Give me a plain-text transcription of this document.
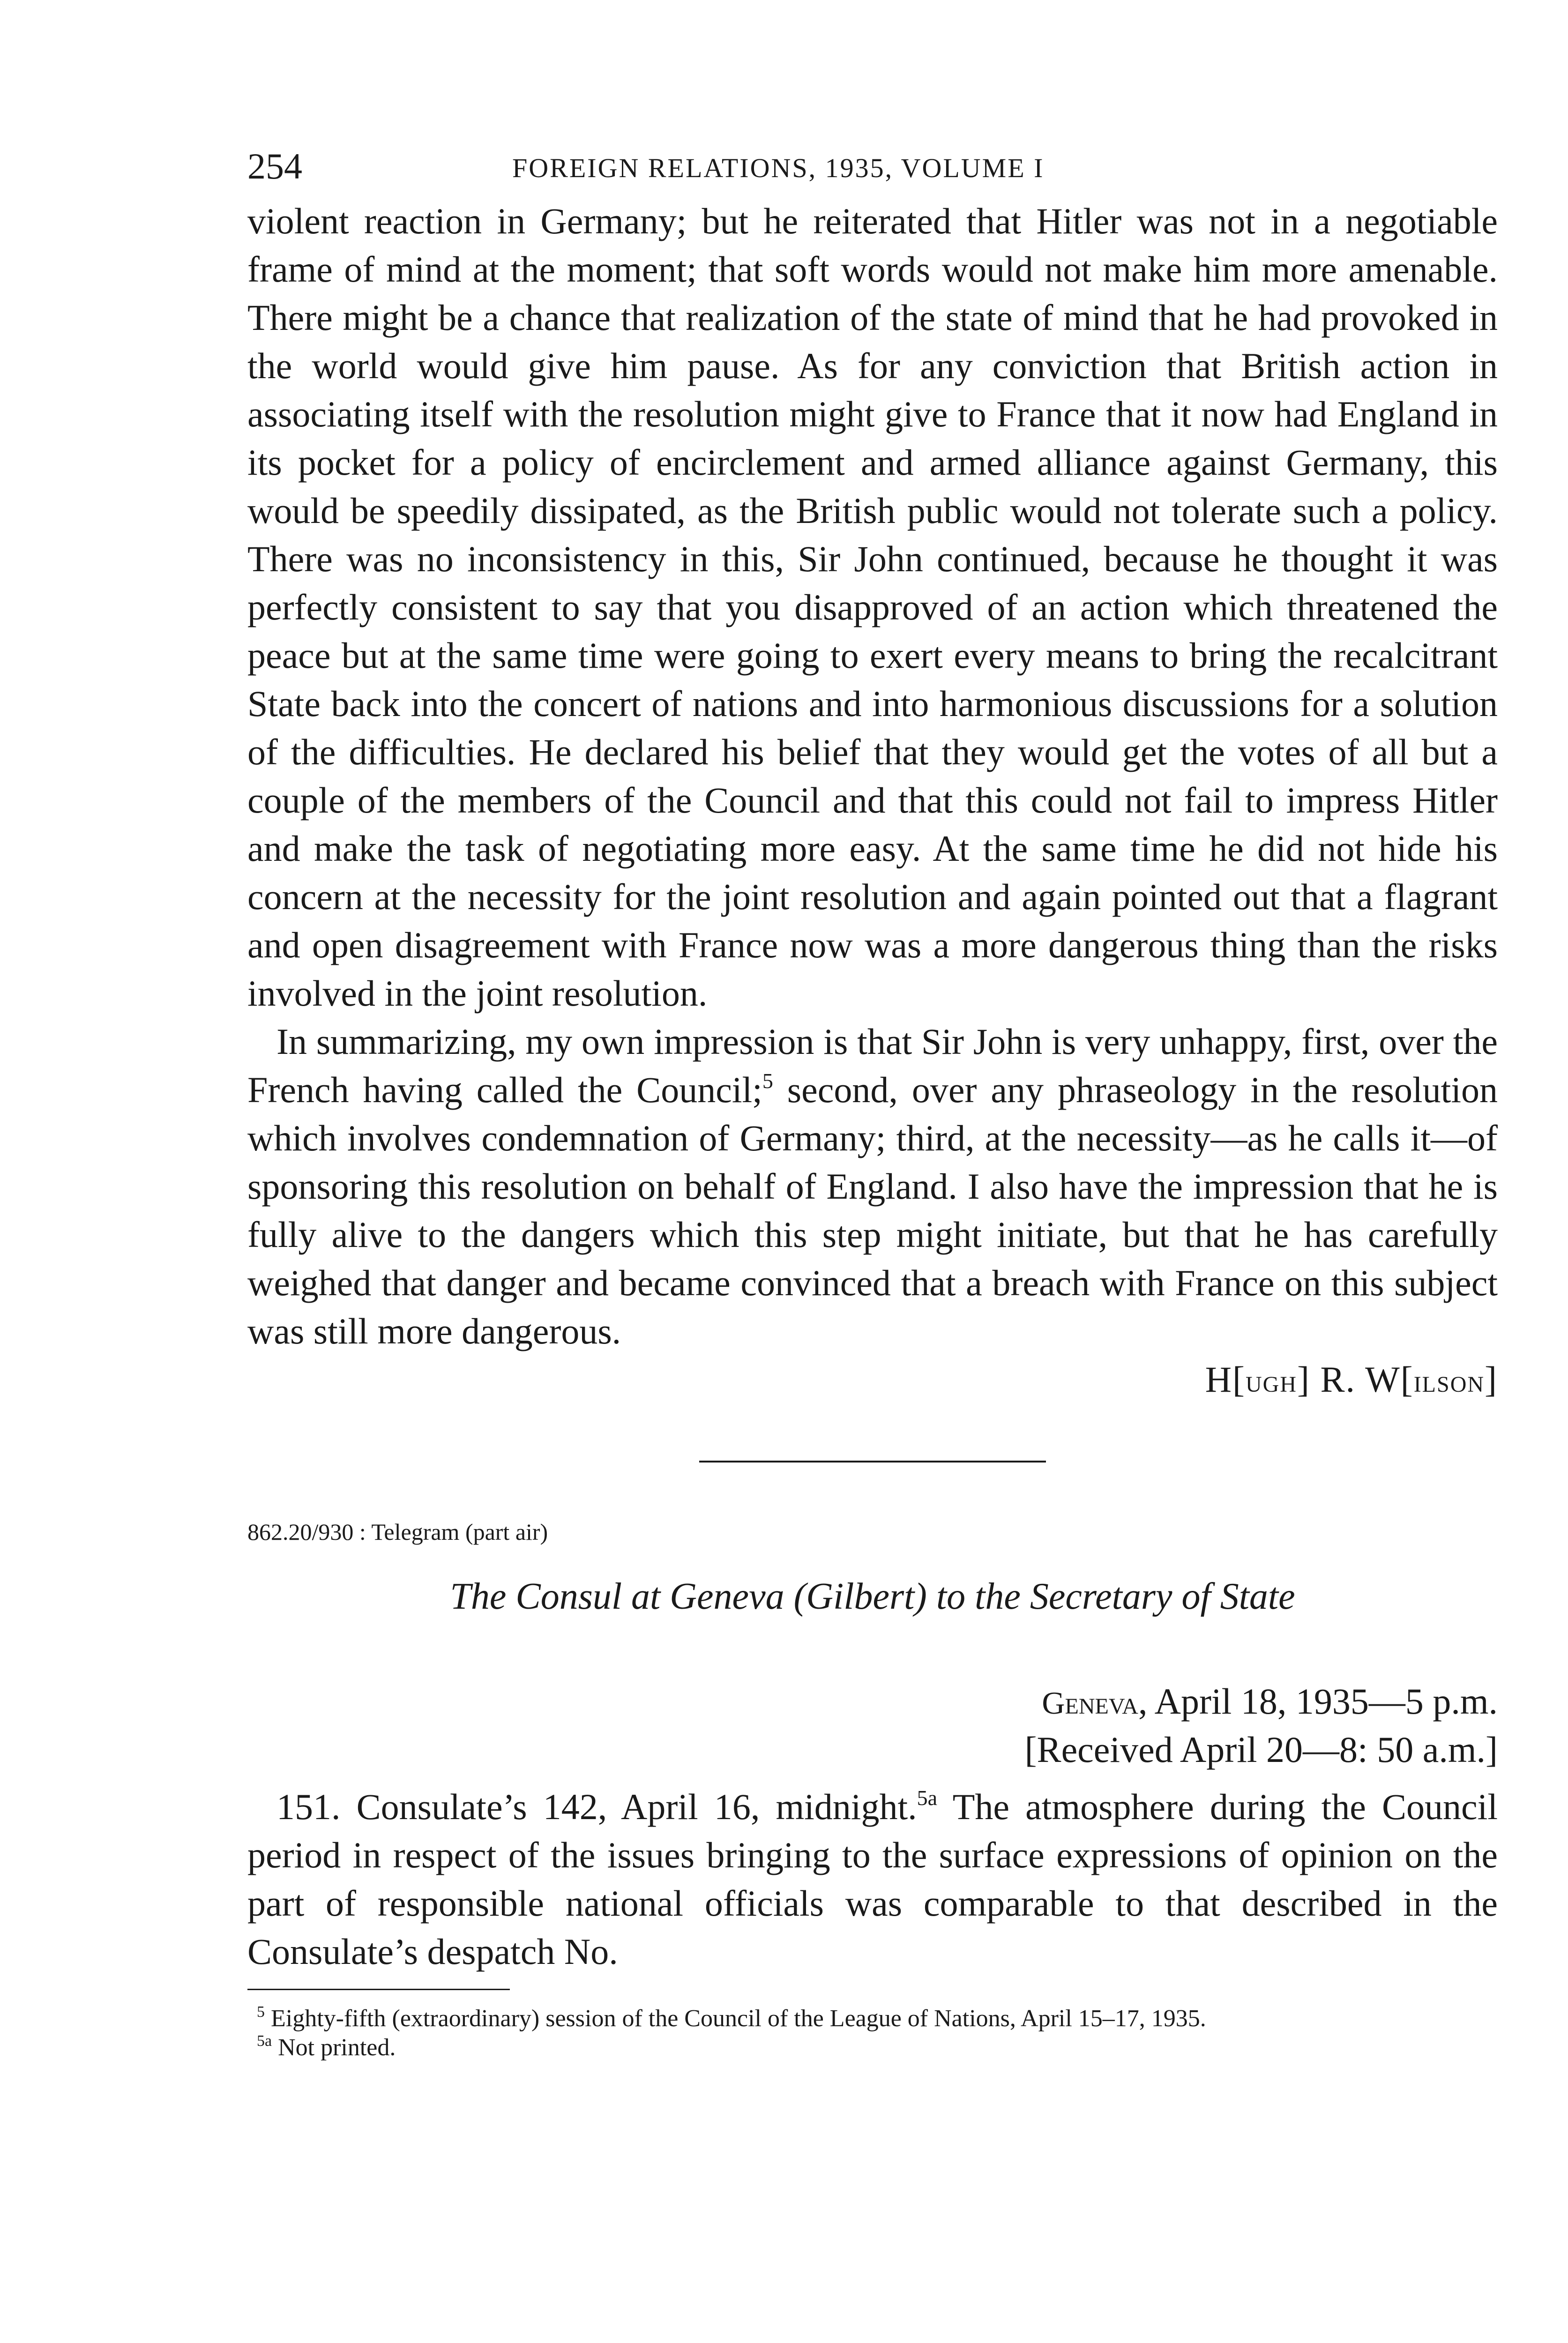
254	FOREIGN RELATIONS, 1935, VOLUME I

violent reaction in Germany; but he reiterated that Hitler was not in a negotiable frame of mind at the moment; that soft words would not make him more amenable. There might be a chance that realization of the state of mind that he had provoked in the world would give him pause. As for any conviction that British action in associating itself with the resolution might give to France that it now had England in its pocket for a policy of encirclement and armed alliance against Germany, this would be speedily dissipated, as the British public would not tolerate such a policy. There was no inconsistency in this, Sir John continued, because he thought it was perfectly consistent to say that you disapproved of an action which threatened the peace but at the same time were going to exert every means to bring the recalcitrant State back into the concert of nations and into harmonious discussions for a solution of the difficulties. He declared his belief that they would get the votes of all but a couple of the members of the Council and that this could not fail to impress Hitler and make the task of negotiating more easy. At the same time he did not hide his concern at the necessity for the joint resolution and again pointed out that a flagrant and open disagreement with France now was a more dangerous thing than the risks involved in the joint resolution.

In summarizing, my own impression is that Sir John is very unhappy, first, over the French having called the Council;$^5$ second, over any phraseology in the resolution which involves condemnation of Germany; third, at the necessity—as he calls it—of sponsoring this resolution on behalf of England. I also have the impression that he is fully alive to the dangers which this step might initiate, but that he has carefully weighed that danger and became convinced that a breach with France on this subject was still more dangerous.

H[ugh] R. W[ilson]

862.20/930 : Telegram (part air)

The Consul at Geneva (Gilbert) to the Secretary of State

Geneva, April 18, 1935—5 p.m.
[Received April 20—8: 50 a.m.]

151. Consulate’s 142, April 16, midnight.$^{5a}$ The atmosphere during the Council period in respect of the issues bringing to the surface expressions of opinion on the part of responsible national officials was comparable to that described in the Consulate’s despatch No.

$^5$ Eighty-fifth (extraordinary) session of the Council of the League of Nations, April 15–17, 1935.

$^{5a}$ Not printed.
